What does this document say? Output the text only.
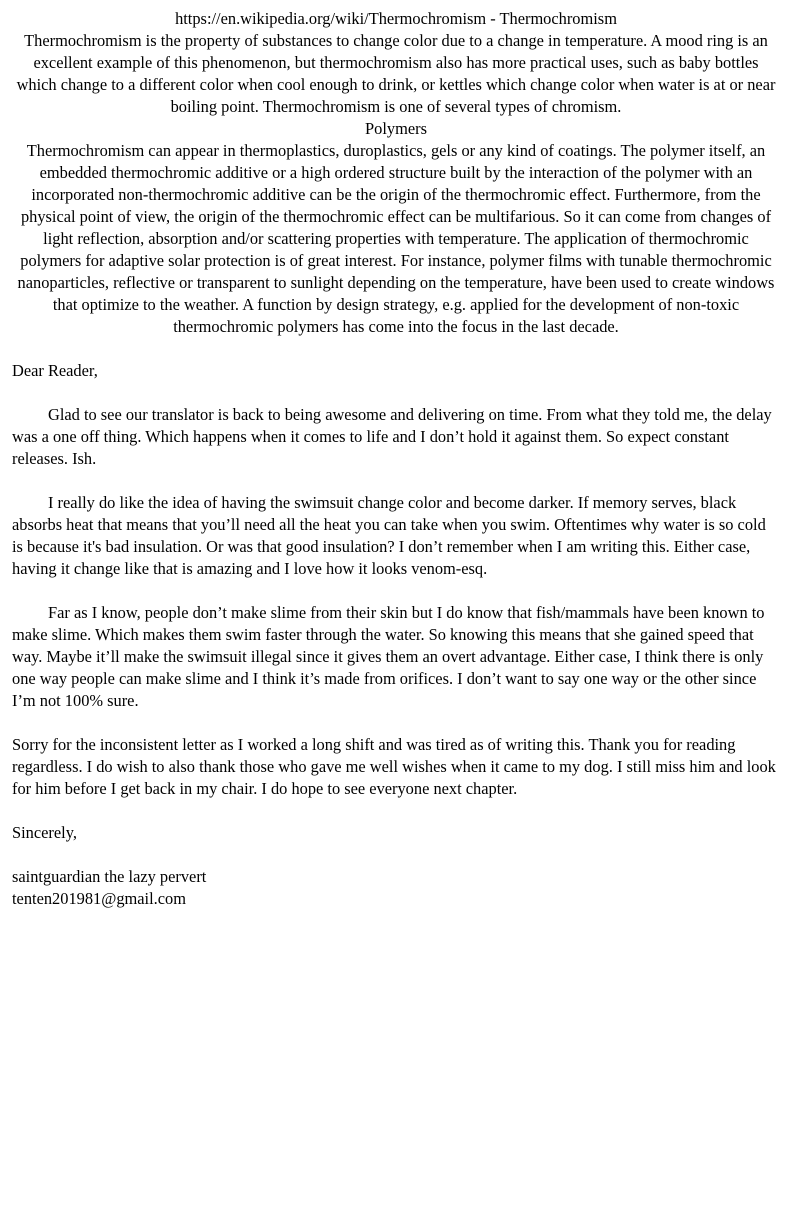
https://en.wikipedia.org/wiki/Thermochromism - Thermochromism

Thermochromism is the property of substances to change color due to a change in temperature. A mood ring is an excellent example of this phenomenon, but thermochromism also has more practical uses, such as baby bottles which change to a different color when cool enough to drink, or kettles which change color when water is at or near boiling point. Thermochromism is one of several types of chromism.

Polymers

Thermochromism can appear in thermoplastics, duroplastics, gels or any kind of coatings. The polymer itself, an embedded thermochromic additive or a high ordered structure built by the interaction of the polymer with an incorporated non-thermochromic additive can be the origin of the thermochromic effect. Furthermore, from the physical point of view, the origin of the thermochromic effect can be multifarious. So it can come from changes of light reflection, absorption and/or scattering properties with temperature. The application of thermochromic polymers for adaptive solar protection is of great interest. For instance, polymer films with tunable thermochromic nanoparticles, reflective or transparent to sunlight depending on the temperature, have been used to create windows that optimize to the weather. A function by design strategy, e.g. applied for the development of non-toxic thermochromic polymers has come into the focus in the last decade.

Dear Reader,

Glad to see our translator is back to being awesome and delivering on time. From what they told me, the delay was a one off thing. Which happens when it comes to life and I don’t hold it against them. So expect constant releases. Ish.

I really do like the idea of having the swimsuit change color and become darker. If memory serves, black absorbs heat that means that you’ll need all the heat you can take when you swim. Oftentimes why water is so cold is because it's bad insulation. Or was that good insulation? I don’t remember when I am writing this. Either case, having it change like that is amazing and I love how it looks venom-esq.

Far as I know, people don’t make slime from their skin but I do know that fish/mammals have been known to make slime. Which makes them swim faster through the water. So knowing this means that she gained speed that way. Maybe it’ll make the swimsuit illegal since it gives them an overt advantage. Either case, I think there is only one way people can make slime and I think it’s made from orifices. I don’t want to say one way or the other since I’m not 100% sure.

Sorry for the inconsistent letter as I worked a long shift and was tired as of writing this. Thank you for reading regardless. I do wish to also thank those who gave me well wishes when it came to my dog. I still miss him and look for him before I get back in my chair. I do hope to see everyone next chapter.

Sincerely,

saintguardian the lazy pervert

tenten201981@gmail.com
